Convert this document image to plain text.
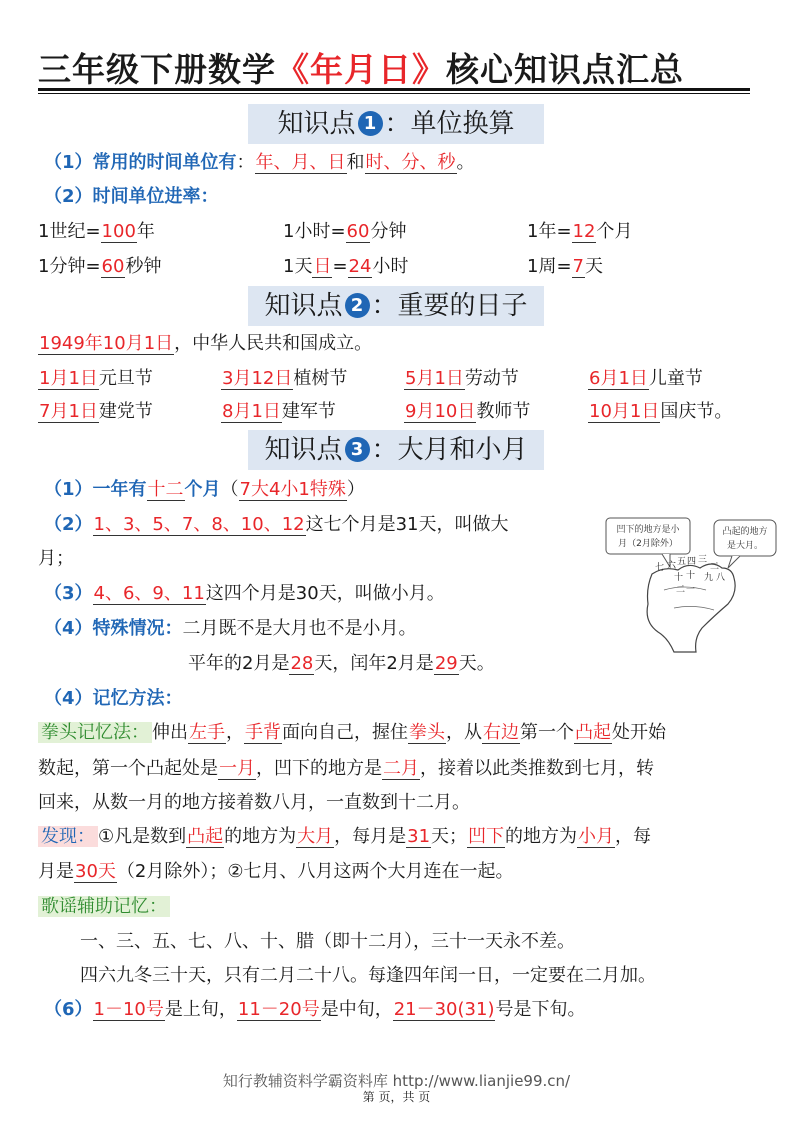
三年级下册数学《年月日》核心知识点汇总
知识点 1 ：单位换算
（1）常用的时间单位有：年、月、日和时、分、秒。
（2）时间单位进率：
1世纪=100年	1小时=60分钟	1年=12个月
1分钟=60秒钟	1天日=24小时	1周=7天
知识点 2 ：重要的日子
1949年10月1日，中华人民共和国成立。
1月1日元旦节	3月12日植树节	5月1日劳动节	6月1日儿童节
7月1日建党节	8月1日建军节	9月10日教师节	10月1日国庆节。
知识点 3 ：大月和小月
（1）一年有十二个月（7大4小1特殊）
（2）1、3、5、7、8、10、12这七个月是31天，叫做大
月；
（3）4、6、9、11这四个月是30天，叫做小月。
（4）特殊情况：二月既不是大月也不是小月。
平年的2月是28天，闰年2月是29天。
（4）记忆方法：
拳头记忆法： 伸出左手，手背面向自己，握住拳头，从右边第一个凸起处开始
数起，第一个凸起处是一月，凹下的地方是二月，接着以此类推数到七月，转
回来，从数一月的地方接着数八月，一直数到十二月。
发现： ①凡是数到凸起的地方为大月，每月是31天；凹下的地方为小月，每
月是30天（2月除外）；②七月、八月这两个大月连在一起。
歌谣辅助记忆：
一、三、五、七、八、十、腊（即十二月），三十一天永不差。
四六九冬三十天，只有二月二十八。每逢四年闰一日，一定要在二月加。
（6）1－10号是上旬，11－20号是中旬，21－30(31)号是下旬。
凹下的地方是小
月（2月除外）
凸起的地方
是大月。
七 六 五 四 三
二
十 十 九 八
二 一
知行教辅资料学霸资料库 http://www.lianjie99.cn/
第 页，共 页
